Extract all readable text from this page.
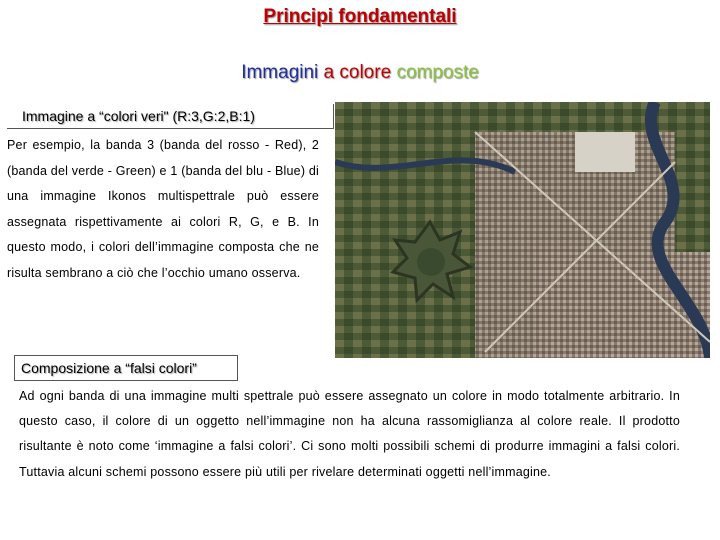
Principi fondamentali
Immagini a colore composte
Immagine a “colori veri" (R:3,G:2,B:1)
Per esempio, la banda 3 (banda del rosso - Red), 2 (banda del verde - Green) e 1 (banda del blu - Blue) di una immagine Ikonos multispettrale può essere assegnata rispettivamente ai colori R, G, e B. In questo modo, i colori dell’immagine composta che ne risulta sembrano a ciò che l’occhio umano osserva.
Composizione a “falsi colori”
Ad ogni banda di una immagine multi spettrale può essere assegnato un colore in modo totalmente arbitrario. In questo caso, il colore di un oggetto nell’immagine non ha alcuna rassomiglianza al colore reale. Il prodotto risultante è noto come ‘immagine a falsi colori’. Ci sono molti possibili schemi di produrre immagini a falsi colori. Tuttavia alcuni schemi possono essere più utili per rivelare determinati oggetti nell’immagine.
